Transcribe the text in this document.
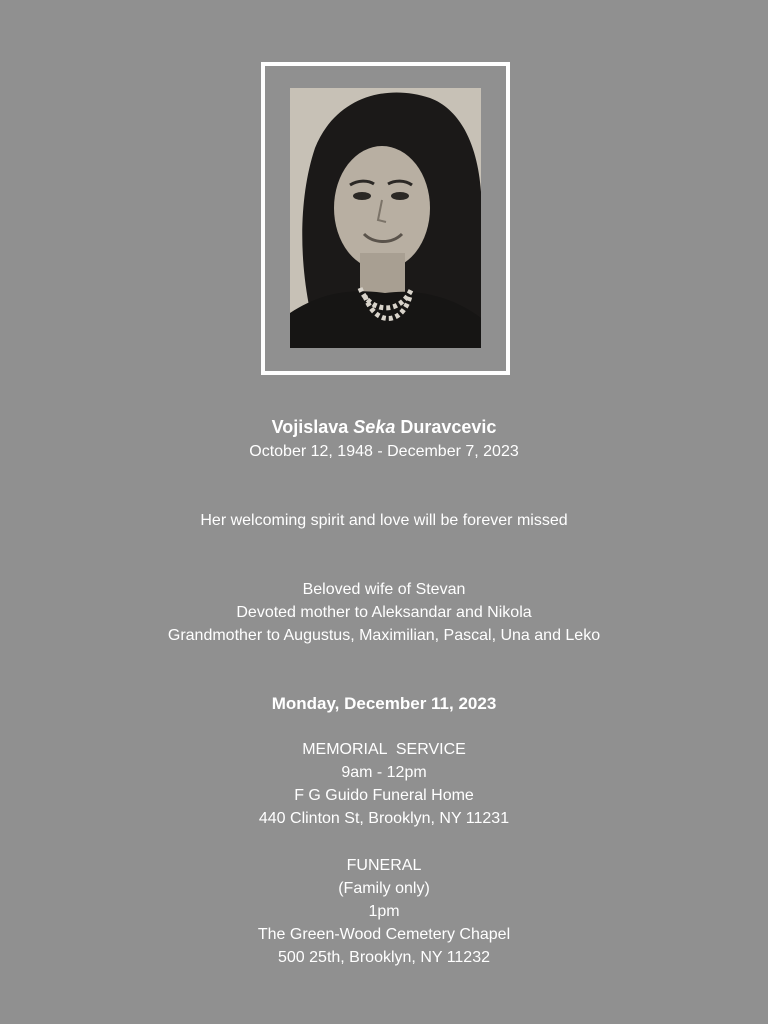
Vojislava Seka Duravcevic
October 12, 1948 - December 7, 2023
Her welcoming spirit and love will be forever missed
Beloved wife of Stevan
Devoted mother to Aleksandar and Nikola
Grandmother to Augustus, Maximilian, Pascal, Una and Leko
Monday, December 11, 2023
MEMORIAL  SERVICE
9am - 12pm
F G Guido Funeral Home
440 Clinton St, Brooklyn, NY 11231
FUNERAL
(Family only)
1pm
The Green-Wood Cemetery Chapel
500 25th, Brooklyn, NY 11232
